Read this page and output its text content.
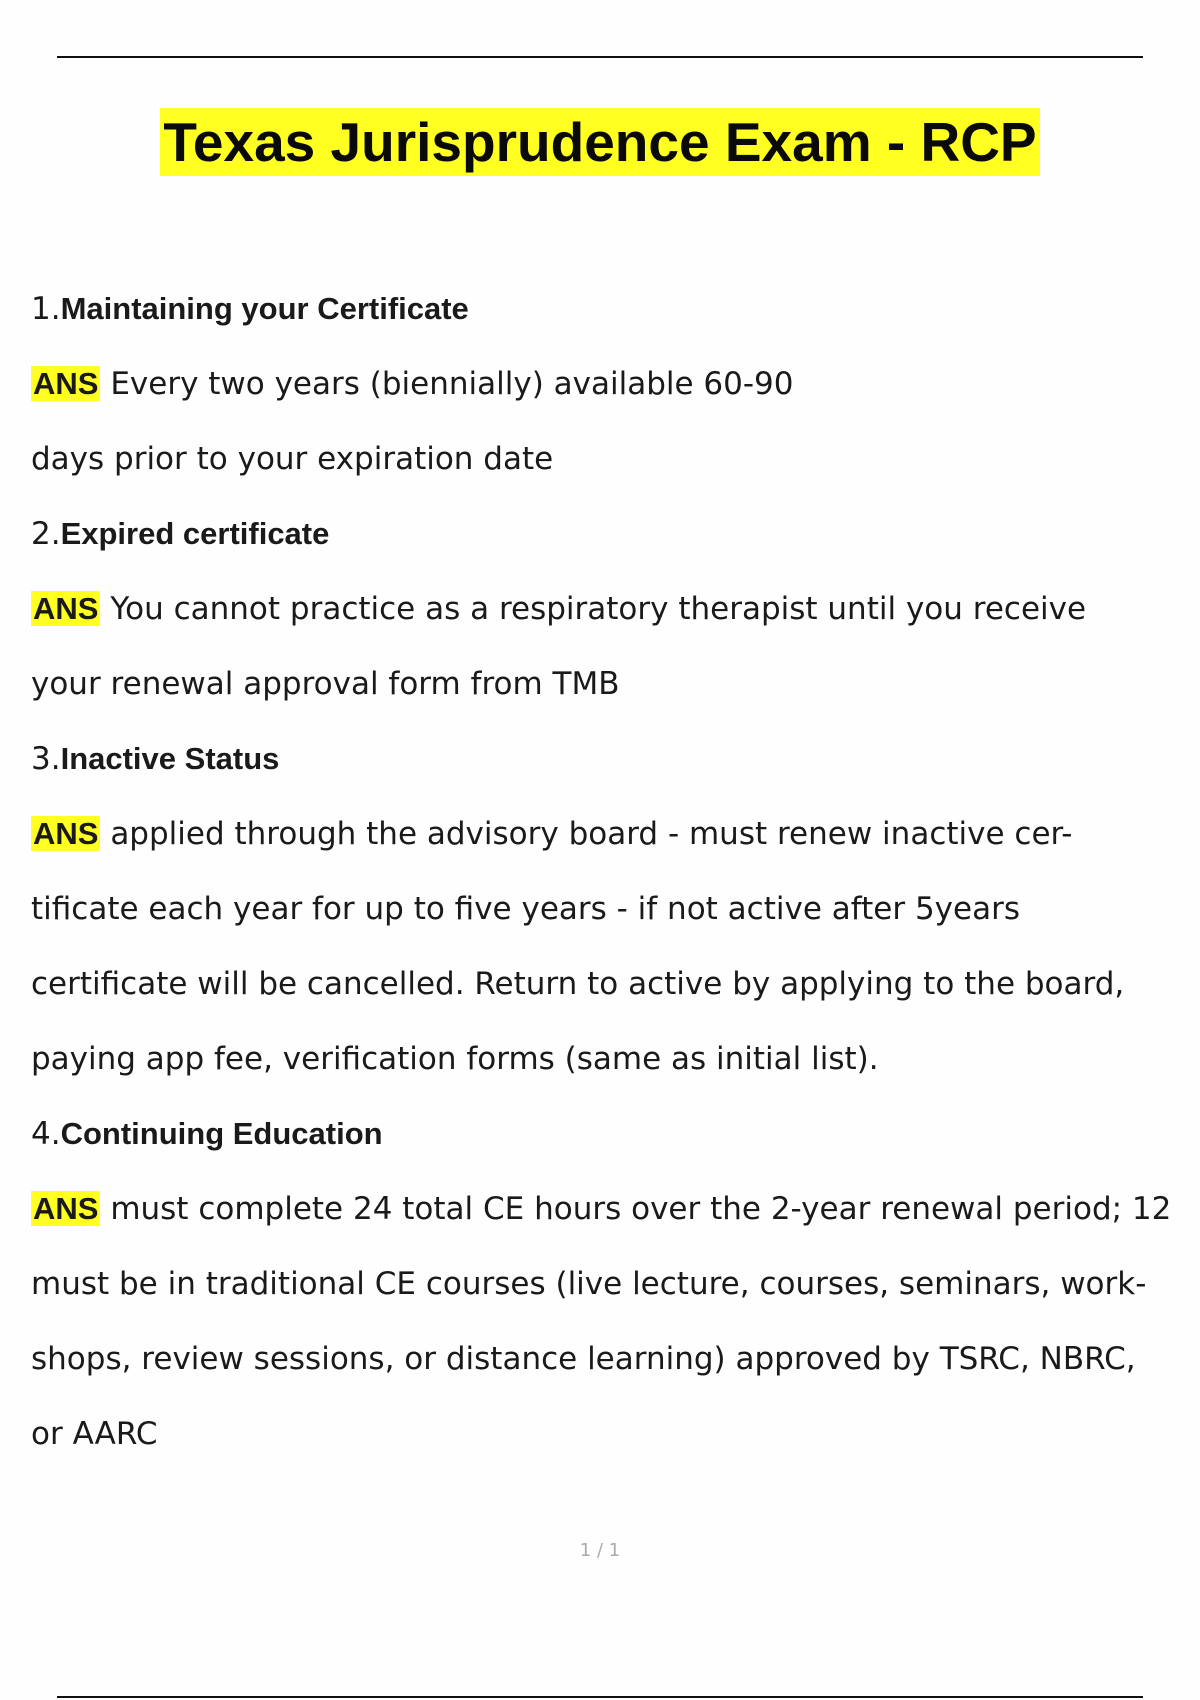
Texas Jurisprudence Exam - RCP
1. Maintaining your Certificate
ANS Every two years (biennially) available 60-90
days prior to your expiration date
2. Expired certificate
ANS You cannot practice as a respiratory therapist until you receive
your renewal approval form from TMB
3. Inactive Status
ANS applied through the advisory board - must renew inactive cer-
tificate each year for up to five years - if not active after 5years
certificate will be cancelled. Return to active by applying to the board,
paying app fee, verification forms (same as initial list).
4. Continuing Education
ANS must complete 24 total CE hours over the 2-year renewal period; 12
must be in traditional CE courses (live lecture, courses, seminars, work-
shops, review sessions, or distance learning) approved by TSRC, NBRC,
or AARC
1 / 1
